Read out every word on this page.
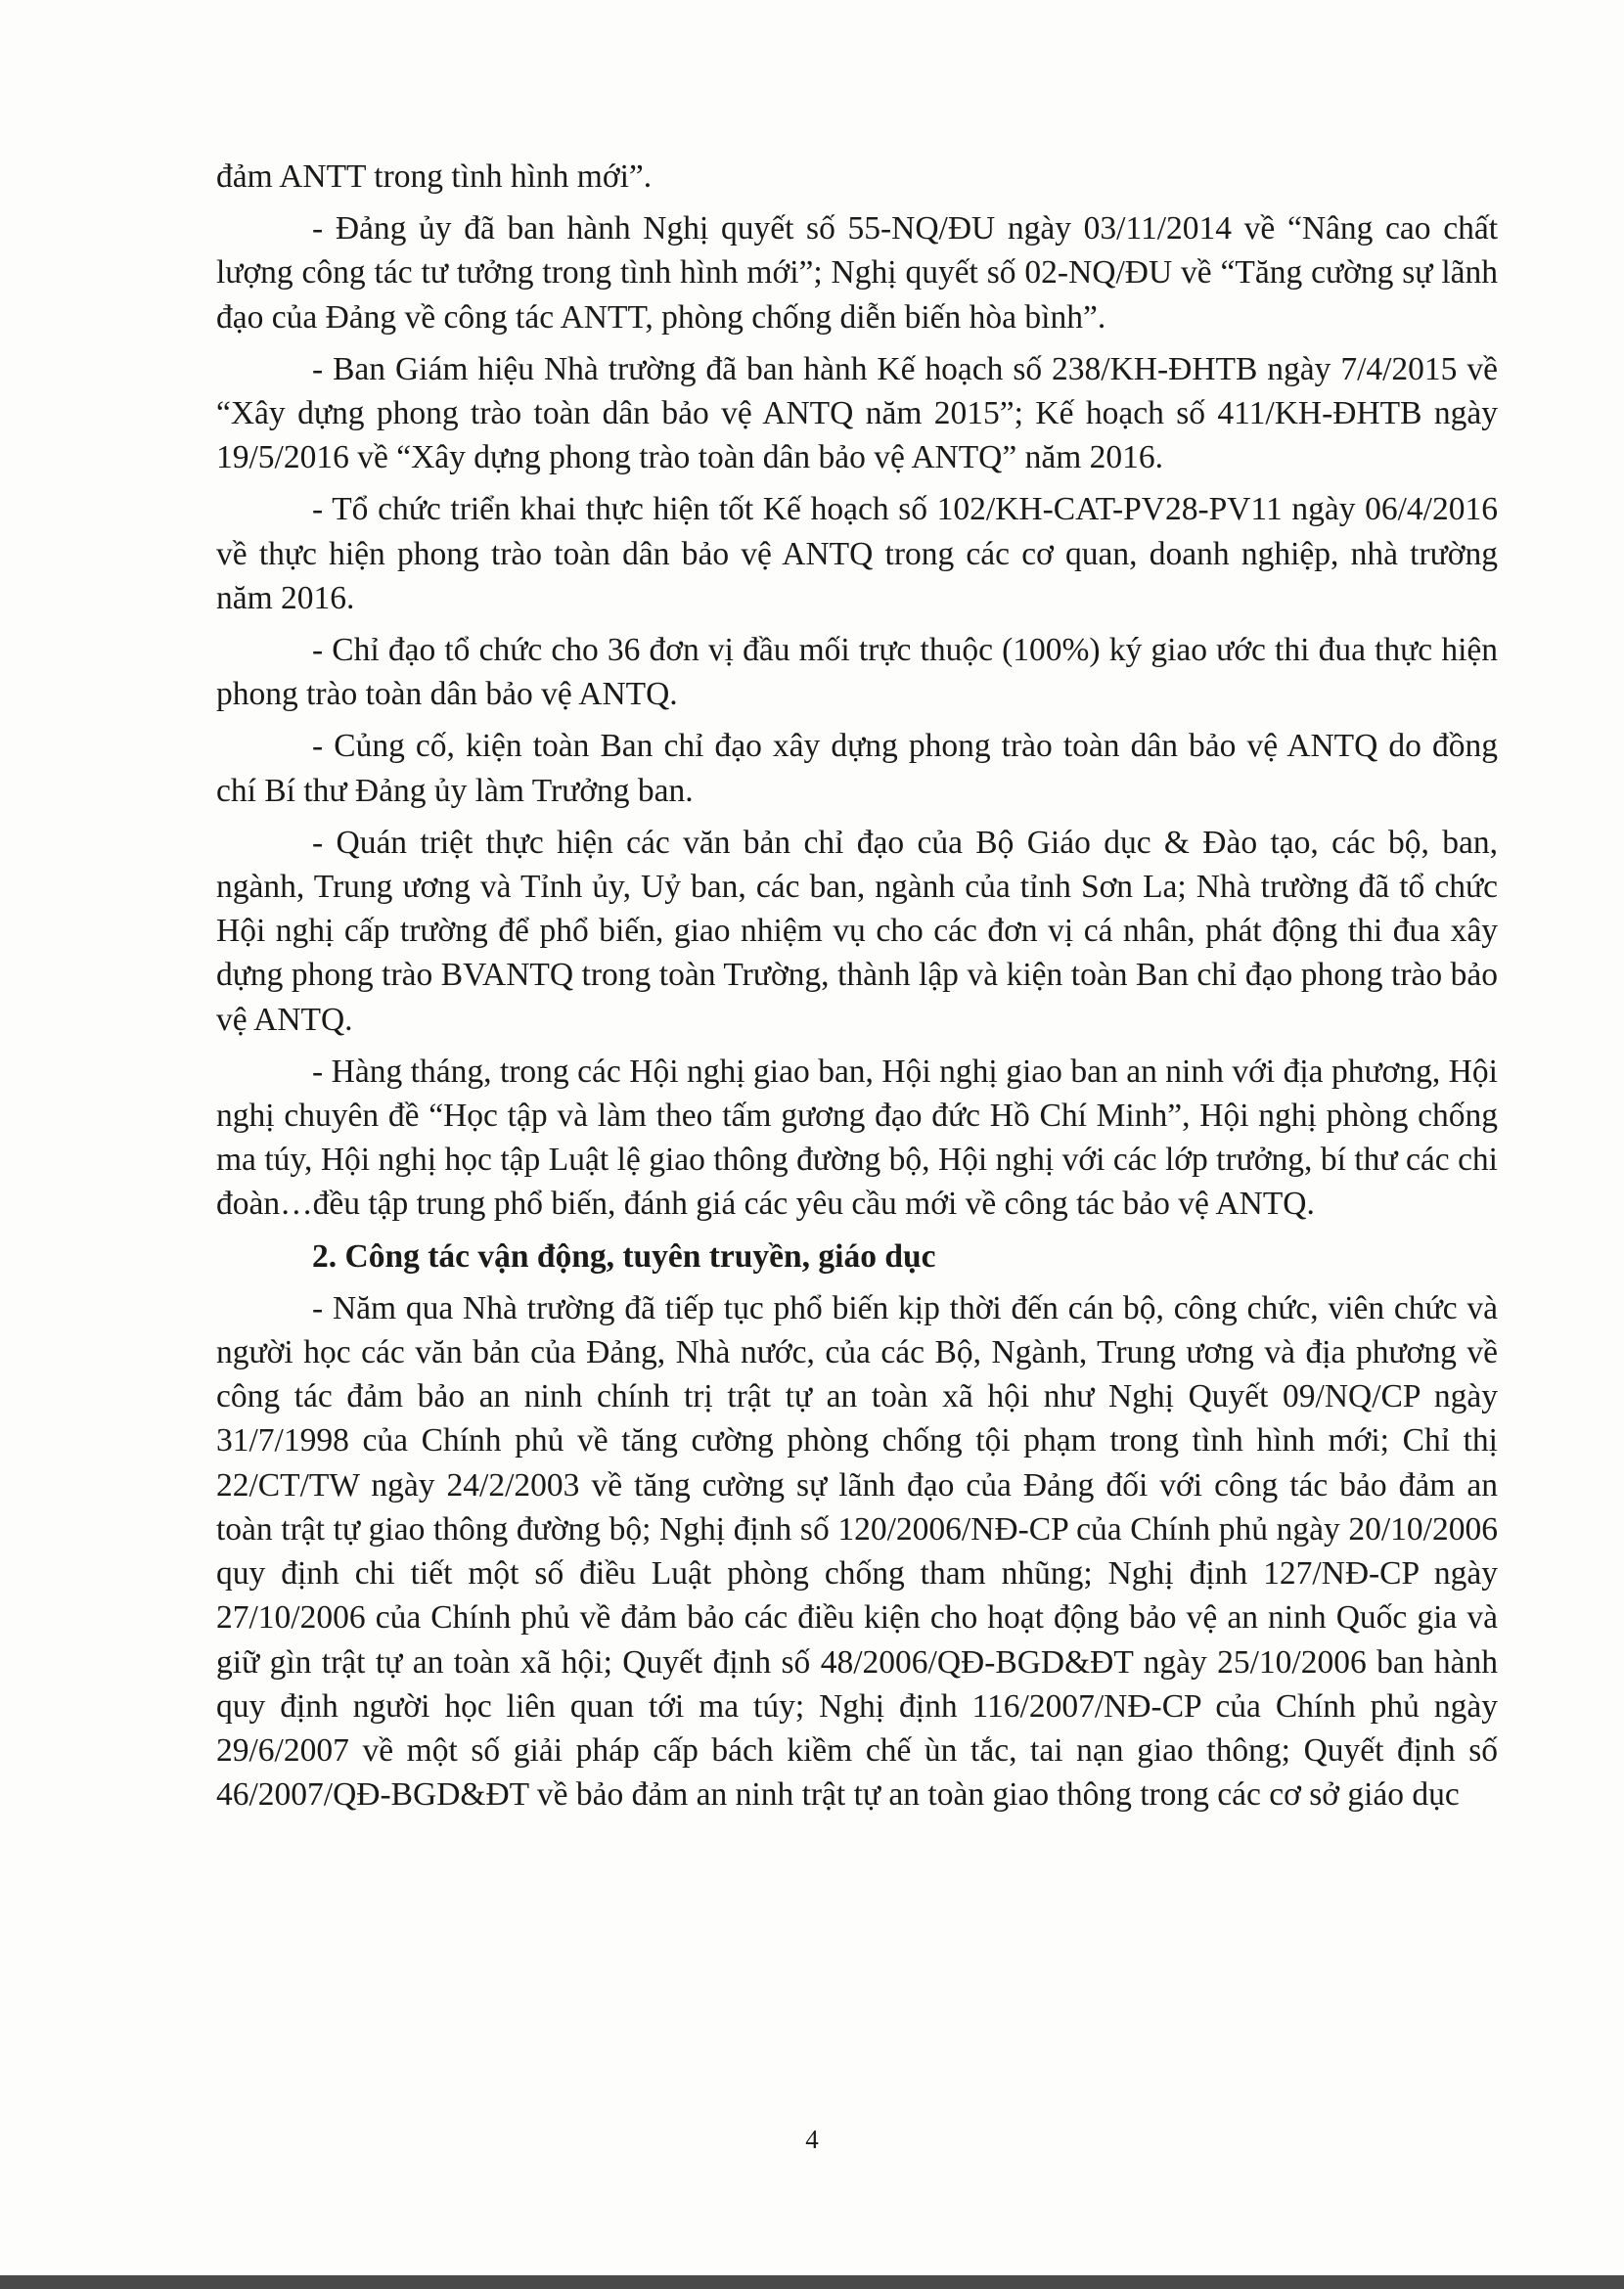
đảm ANTT trong tình hình mới”.

- Đảng ủy đã ban hành Nghị quyết số 55-NQ/ĐU ngày 03/11/2014 về “Nâng cao chất lượng công tác tư tưởng trong tình hình mới”; Nghị quyết số 02-NQ/ĐU về “Tăng cường sự lãnh đạo của Đảng về công tác ANTT, phòng chống diễn biến hòa bình”.

- Ban Giám hiệu Nhà trường đã ban hành Kế hoạch số 238/KH-ĐHTB ngày 7/4/2015 về “Xây dựng phong trào toàn dân bảo vệ ANTQ năm 2015”; Kế hoạch số 411/KH-ĐHTB ngày 19/5/2016 về “Xây dựng phong trào toàn dân bảo vệ ANTQ” năm 2016.

- Tổ chức triển khai thực hiện tốt Kế hoạch số 102/KH-CAT-PV28-PV11 ngày 06/4/2016 về thực hiện phong trào toàn dân bảo vệ ANTQ trong các cơ quan, doanh nghiệp, nhà trường năm 2016.

- Chỉ đạo tổ chức cho 36 đơn vị đầu mối trực thuộc (100%) ký giao ước thi đua thực hiện phong trào toàn dân bảo vệ ANTQ.

- Củng cố, kiện toàn Ban chỉ đạo xây dựng phong trào toàn dân bảo vệ ANTQ do đồng chí Bí thư Đảng ủy làm Trưởng ban.

- Quán triệt thực hiện các văn bản chỉ đạo của Bộ Giáo dục & Đào tạo, các bộ, ban, ngành, Trung ương và Tỉnh ủy, Uỷ ban, các ban, ngành của tỉnh Sơn La; Nhà trường đã tổ chức Hội nghị cấp trường để phổ biến, giao nhiệm vụ cho các đơn vị cá nhân, phát động thi đua xây dựng phong trào BVANTQ trong toàn Trường, thành lập và kiện toàn Ban chỉ đạo phong trào bảo vệ ANTQ.

- Hàng tháng, trong các Hội nghị giao ban, Hội nghị giao ban an ninh với địa phương, Hội nghị chuyên đề “Học tập và làm theo tấm gương đạo đức Hồ Chí Minh”, Hội nghị phòng chống ma túy, Hội nghị học tập Luật lệ giao thông đường bộ, Hội nghị với các lớp trưởng, bí thư các chi đoàn…đều tập trung phổ biến, đánh giá các yêu cầu mới về công tác bảo vệ ANTQ.

2. Công tác vận động, tuyên truyền, giáo dục

- Năm qua Nhà trường đã tiếp tục phổ biến kịp thời đến cán bộ, công chức, viên chức và người học các văn bản của Đảng, Nhà nước, của các Bộ, Ngành, Trung ương và địa phương về công tác đảm bảo an ninh chính trị trật tự an toàn xã hội như Nghị Quyết 09/NQ/CP ngày 31/7/1998 của Chính phủ về tăng cường phòng chống tội phạm trong tình hình mới; Chỉ thị 22/CT/TW ngày 24/2/2003 về tăng cường sự lãnh đạo của Đảng đối với công tác bảo đảm an toàn trật tự giao thông đường bộ; Nghị định số 120/2006/NĐ-CP của Chính phủ ngày 20/10/2006 quy định chi tiết một số điều Luật phòng chống tham nhũng; Nghị định 127/NĐ-CP ngày 27/10/2006 của Chính phủ về đảm bảo các điều kiện cho hoạt động bảo vệ an ninh Quốc gia và giữ gìn trật tự an toàn xã hội; Quyết định số 48/2006/QĐ-BGD&ĐT ngày 25/10/2006 ban hành quy định người học liên quan tới ma túy; Nghị định 116/2007/NĐ-CP của Chính phủ ngày 29/6/2007 về một số giải pháp cấp bách kiềm chế ùn tắc, tai nạn giao thông; Quyết định số 46/2007/QĐ-BGD&ĐT về bảo đảm an ninh trật tự an toàn giao thông trong các cơ sở giáo dục

4
